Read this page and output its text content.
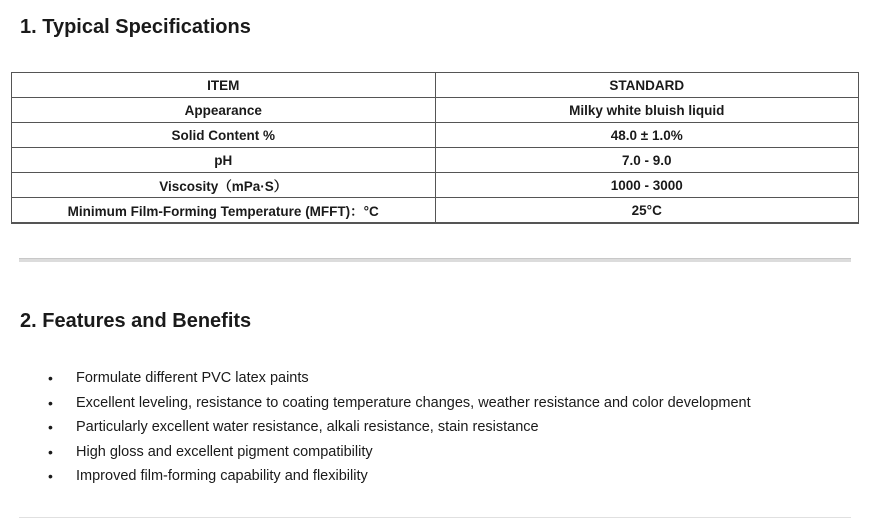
1. Typical Specifications
ITEM	STANDARD
Appearance	Milky white bluish liquid
Solid Content %	48.0 ± 1.0%
pH	7.0 - 9.0
Viscosity（mPa·S）	1000 - 3000
Minimum Film-Forming Temperature (MFFT)：°C	25°C
2. Features and Benefits
• Formulate different PVC latex paints
• Excellent leveling, resistance to coating temperature changes, weather resistance and color development
• Particularly excellent water resistance, alkali resistance, stain resistance
• High gloss and excellent pigment compatibility
• Improved film-forming capability and flexibility
